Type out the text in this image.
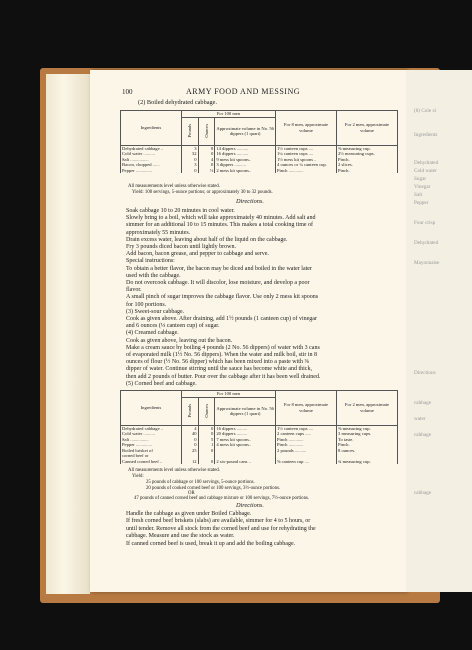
100	ARMY FOOD AND MESSING
(2) Boiled dehydrated cabbage.
Ingredients	For 100 men			For 8 men, approximate volume	For 2 men, approximate volume
	Pounds	Ounces	Approximate volume in No. 56 dippers (1 quart)		
Dehydrated cabbage ..	3	8	14 dippers ..........	1½ canteen cups ....	⅜ measuring cup.
Cold water ..........	32	0	16 dippers ..........	1¼ canteen cups ....	2½ measuring cups.
Salt ................	0	4	9 mess kit spoons..	1½ mess kit spoons ..	Pinch.
Bacon, chopped ......	3	0	3 dippers ..........	4 ounces or ¼ canteen cup.	2 slices.
Pepper ..............	0	½	2 mess kit spoons..	Pinch .............	Pinch.
All measurements level unless otherwise stated.
Yield: 100 servings, 5-ounce portions; or approximately 30 to 32 pounds.
Directions.
Soak cabbage 10 to 20 minutes in cool water.
Slowly bring to a boil, which will take approximately 40 minutes. Add salt and
simmer for an additional 10 to 15 minutes. This makes a total cooking time of
approximately 55 minutes.
Drain excess water, leaving about half of the liquid on the cabbage.
Fry 3 pounds diced bacon until lightly brown.
Add bacon, bacon grease, and pepper to cabbage and serve.
Special instructions:
To obtain a better flavor, the bacon may be diced and boiled in the water later
used with the cabbage.
Do not overcook cabbage. It will discolor, lose moisture, and develop a poor
flavor.
A small pinch of sugar improves the cabbage flavor. Use only 2 mess kit spoons
for 100 portions.
(3) Sweet-sour cabbage.
Cook as given above. After draining, add 1½ pounds (1 canteen cup) of vinegar
and 6 ounces (⅓ canteen cup) of sugar.
(4) Creamed cabbage.
Cook as given above, leaving out the bacon.
Make a cream sauce by boiling 4 pounds (2 No. 56 dippers) of water with 3 cans
of evaporated milk (1½ No. 56 dippers). When the water and milk boil, stir in 8
ounces of flour (½ No. 56 dipper) which has been mixed into a paste with ⅜
dipper of water. Continue stirring until the sauce has become white and thick,
then add 2 pounds of butter. Pour over the cabbage after it has been well drained.
(5) Corned beef and cabbage.
Ingredients	For 100 men			For 8 men, approximate volume	For 2 men, approximate volume
	Pounds	Ounces	Approximate volume in No. 56 dippers (1 quart)		
Dehydrated cabbage ..	4	0	16 dippers .........	1½ canteen cups ....	⅜ measuring cup.
Cold water ..........	40	0	20 dippers .........	2 canteen cups .....	3 measuring cups.
Salt ................	0	5	7 mess kit spoons..	Pinch .............	To taste.
Pepper ..............	0	1	4 mess kit spoons..	Pinch .............	Pinch.
Boiled brisket of	25	0		2 pounds ..........	8 ounces.
corned beef or					
Canned corned beef ..	12	0	2 six-pound cans ..	⅝ canteen cup ....	¾ measuring cup.
All measurements level unless otherwise stated.
Yield:
25 pounds of cabbage or 100 servings, 5-ounce portions.
20 pounds of cooked corned beef or 100 servings, 3½-ounce portions.
OR
47 pounds of canned corned beef and cabbage mixture or 100 servings, 7½-ounce portions.
Directions.
Handle the cabbage as given under Boiled Cabbage.
If fresh corned beef briskets (slabs) are available, simmer for 4 to 5 hours, or
until tender. Remove all stock from the corned beef and use for rehydrating the
cabbage. Measure and use the stock as water.
If canned corned beef is used, break it up and add the boiling cabbage.
(8) Cole sl
Ingredients
Dehydrated
Cold water
Sugar
Vinegar
Salt
Pepper
Four crisp
Dehydrated
Mayonnaise
Directions
cabbage
water
cabbage
cabbage
